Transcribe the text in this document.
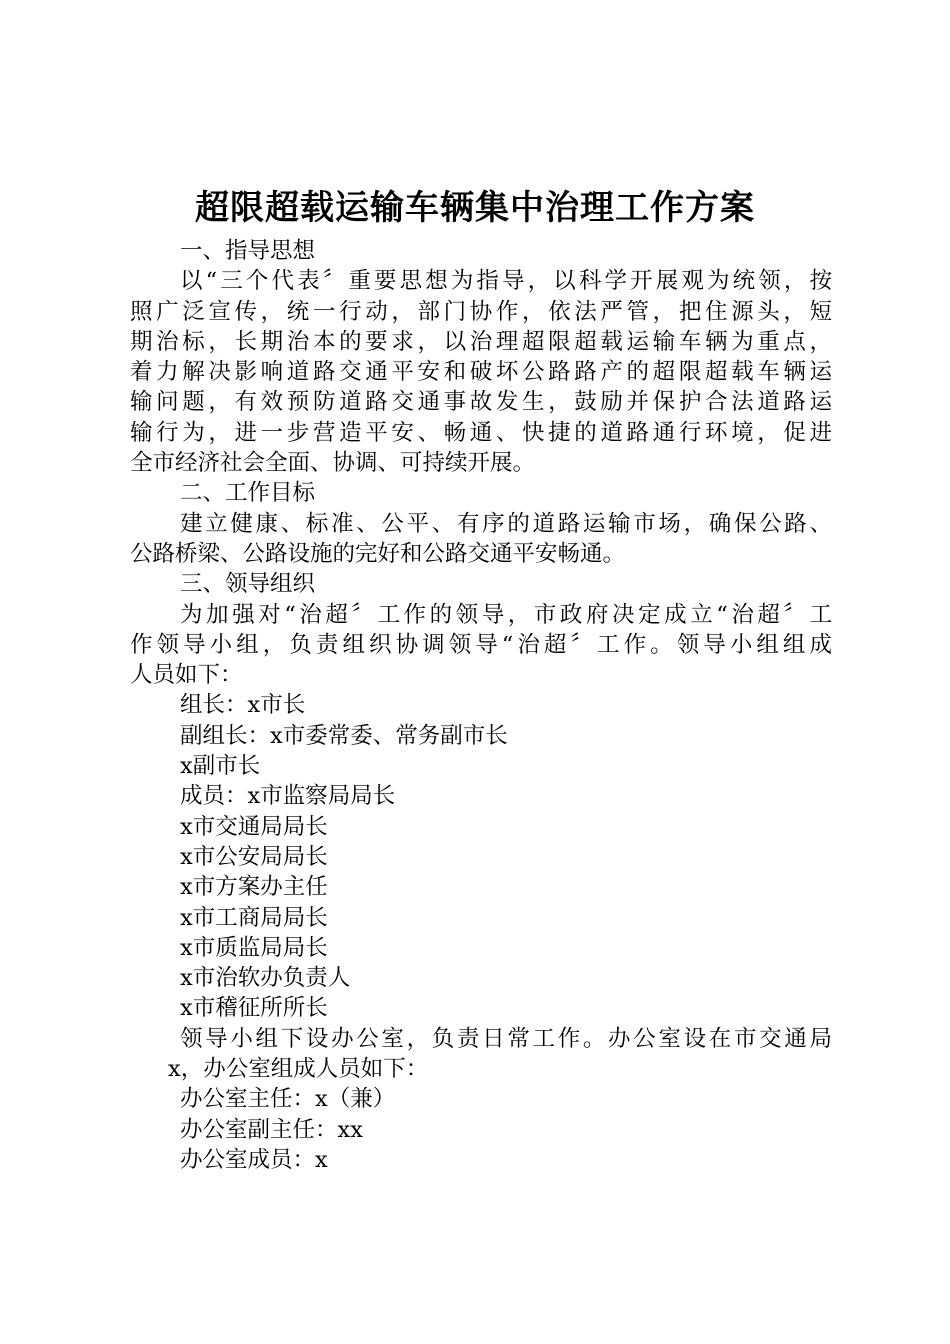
超限超载运输车辆集中治理工作方案
一、指导思想
以“三个代表〞重要思想为指导，以科学开展观为统领，按
照广泛宣传，统一行动，部门协作，依法严管，把住源头，短
期治标，长期治本的要求，以治理超限超载运输车辆为重点，
着力解决影响道路交通平安和破坏公路路产的超限超载车辆运
输问题，有效预防道路交通事故发生，鼓励并保护合法道路运
输行为，进一步营造平安、畅通、快捷的道路通行环境，促进
全市经济社会全面、协调、可持续开展。
二、工作目标
建立健康、标准、公平、有序的道路运输市场，确保公路、
公路桥梁、公路设施的完好和公路交通平安畅通。
三、领导组织
为加强对“治超〞工作的领导，市政府决定成立“治超〞工
作领导小组，负责组织协调领导“治超〞工作。领导小组组成
人员如下：
组长：x市长
副组长：x市委常委、常务副市长
x副市长
成员：x市监察局局长
x市交通局局长
x市公安局局长
x市方案办主任
x市工商局局长
x市质监局局长
x市治软办负责人
x市稽征所所长
领导小组下设办公室，负责日常工作。办公室设在市交通局
x，办公室组成人员如下：
办公室主任：x（兼）
办公室副主任：xx
办公室成员：x
